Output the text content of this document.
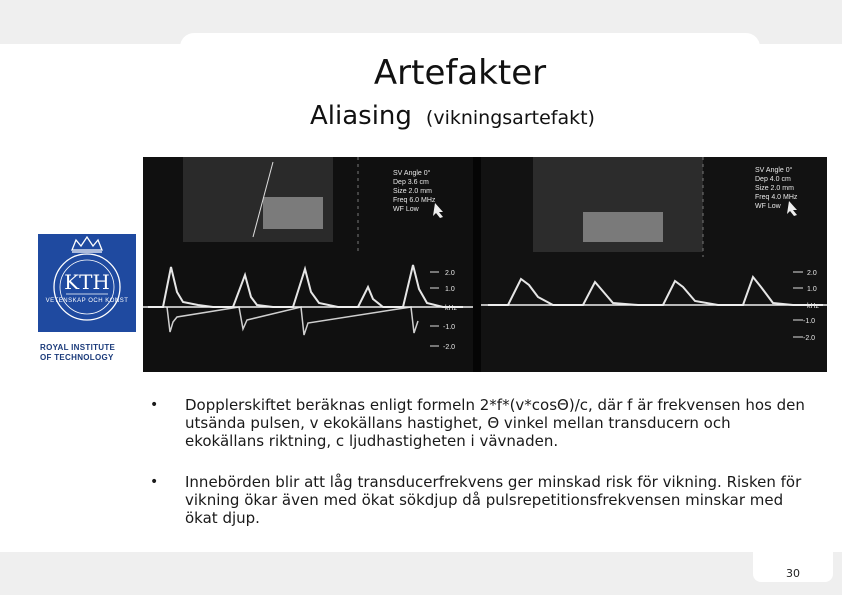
Artefakter
Aliasing (vikningsartefakt)
KTH
VETENSKAP OCH KONST
ROYAL INSTITUTE
OF TECHNOLOGY
SV Angle 0°
Dep 3.6 cm
Size 2.0 mm
Freq 6.0 MHz
WF Low
2.0
1.0
kHz
-1.0
-2.0
SV Angle 0°
Dep 4.0 cm
Size 2.0 mm
Freq 4.0 MHz
WF Low
2.0
1.0
kHz
-1.0
-2.0
• Dopplerskiftet beräknas enligt formeln 2*f*(v*cosΘ)/c, där f är frekvensen hos den utsända pulsen, v ekokällans hastighet, Θ vinkel mellan transducern och ekokällans riktning, c ljudhastigheten i vävnaden.
• Innebörden blir att låg transducerfrekvens ger minskad risk för vikning. Risken för vikning ökar även med ökat sökdjup då pulsrepetitionsfrekvensen minskar med ökat djup.
30
